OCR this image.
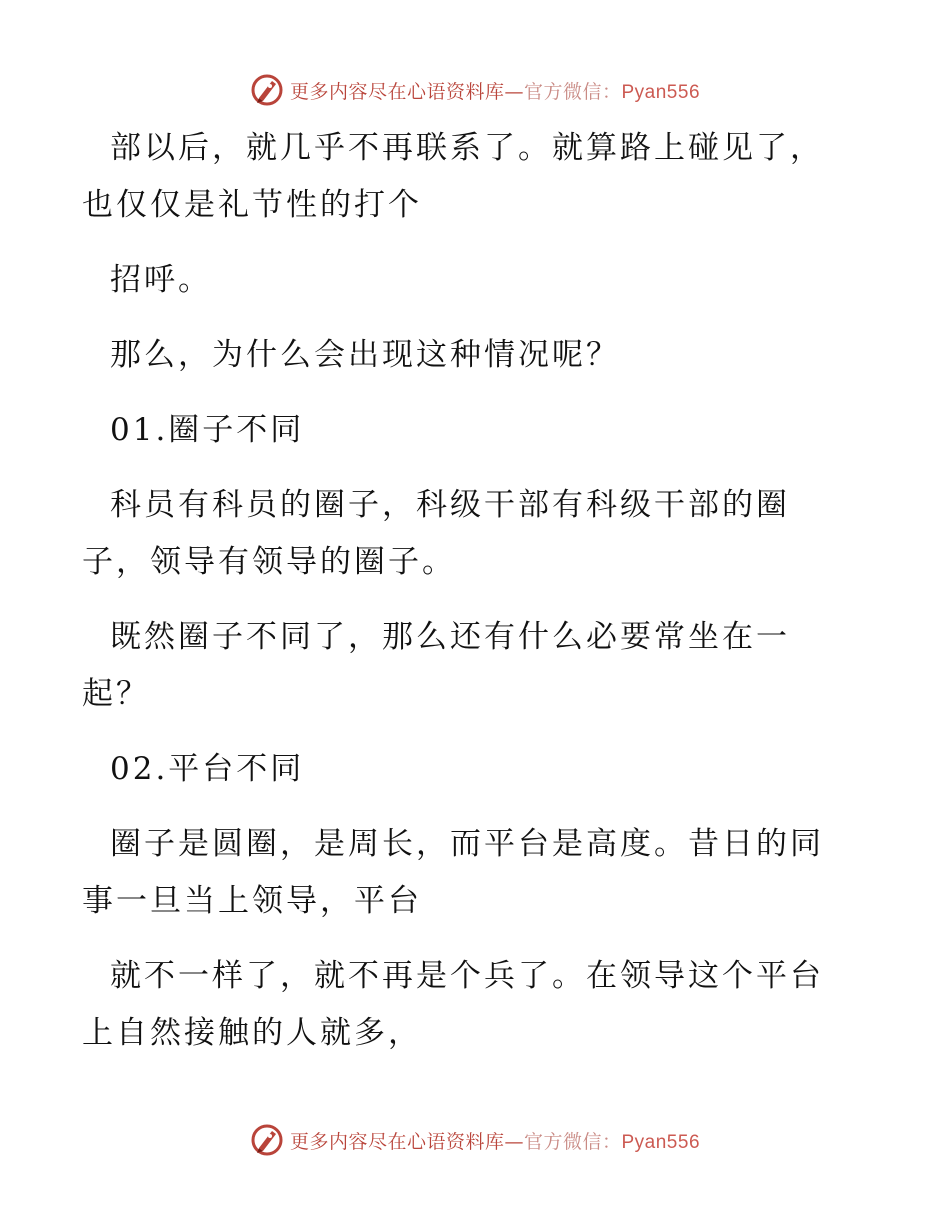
更多内容尽在心语资料库—官方微信：Pyan556

部以后，就几乎不再联系了。就算路上碰见了，
也仅仅是礼节性的打个

招呼。

那么，为什么会出现这种情况呢？

01.圈子不同

科员有科员的圈子，科级干部有科级干部的圈
子，领导有领导的圈子。

既然圈子不同了，那么还有什么必要常坐在一
起？

02.平台不同

圈子是圆圈，是周长，而平台是高度。昔日的同
事一旦当上领导，平台

就不一样了，就不再是个兵了。在领导这个平台
上自然接触的人就多，

更多内容尽在心语资料库—官方微信：Pyan556
